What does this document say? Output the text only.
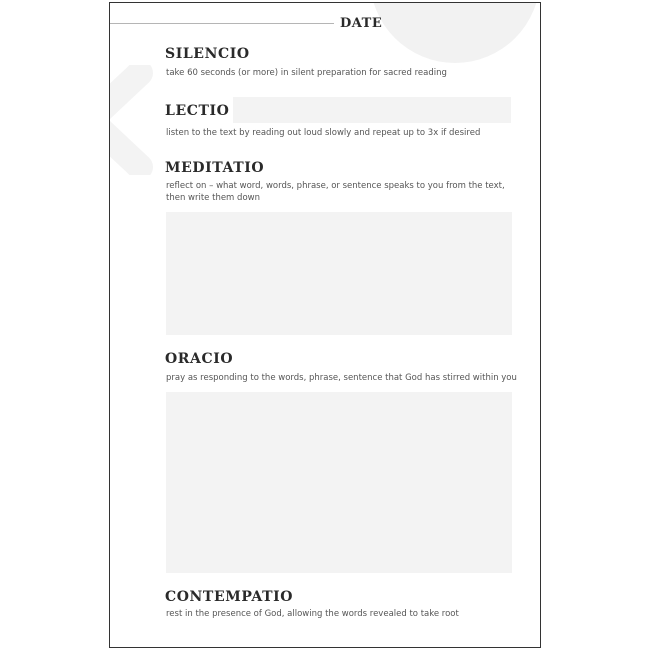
DATE
SILENCIO

take 60 seconds (or more) in silent preparation for sacred reading

LECTIO

listen to the text by reading out loud slowly and repeat up to 3x if desired

MEDITATIO

reflect on – what word, words, phrase, or sentence speaks to you from the text,
then write them down

ORACIO

pray as responding to the words, phrase, sentence that God has stirred within you

CONTEMPATIO

rest in the presence of God, allowing the words revealed to take root
